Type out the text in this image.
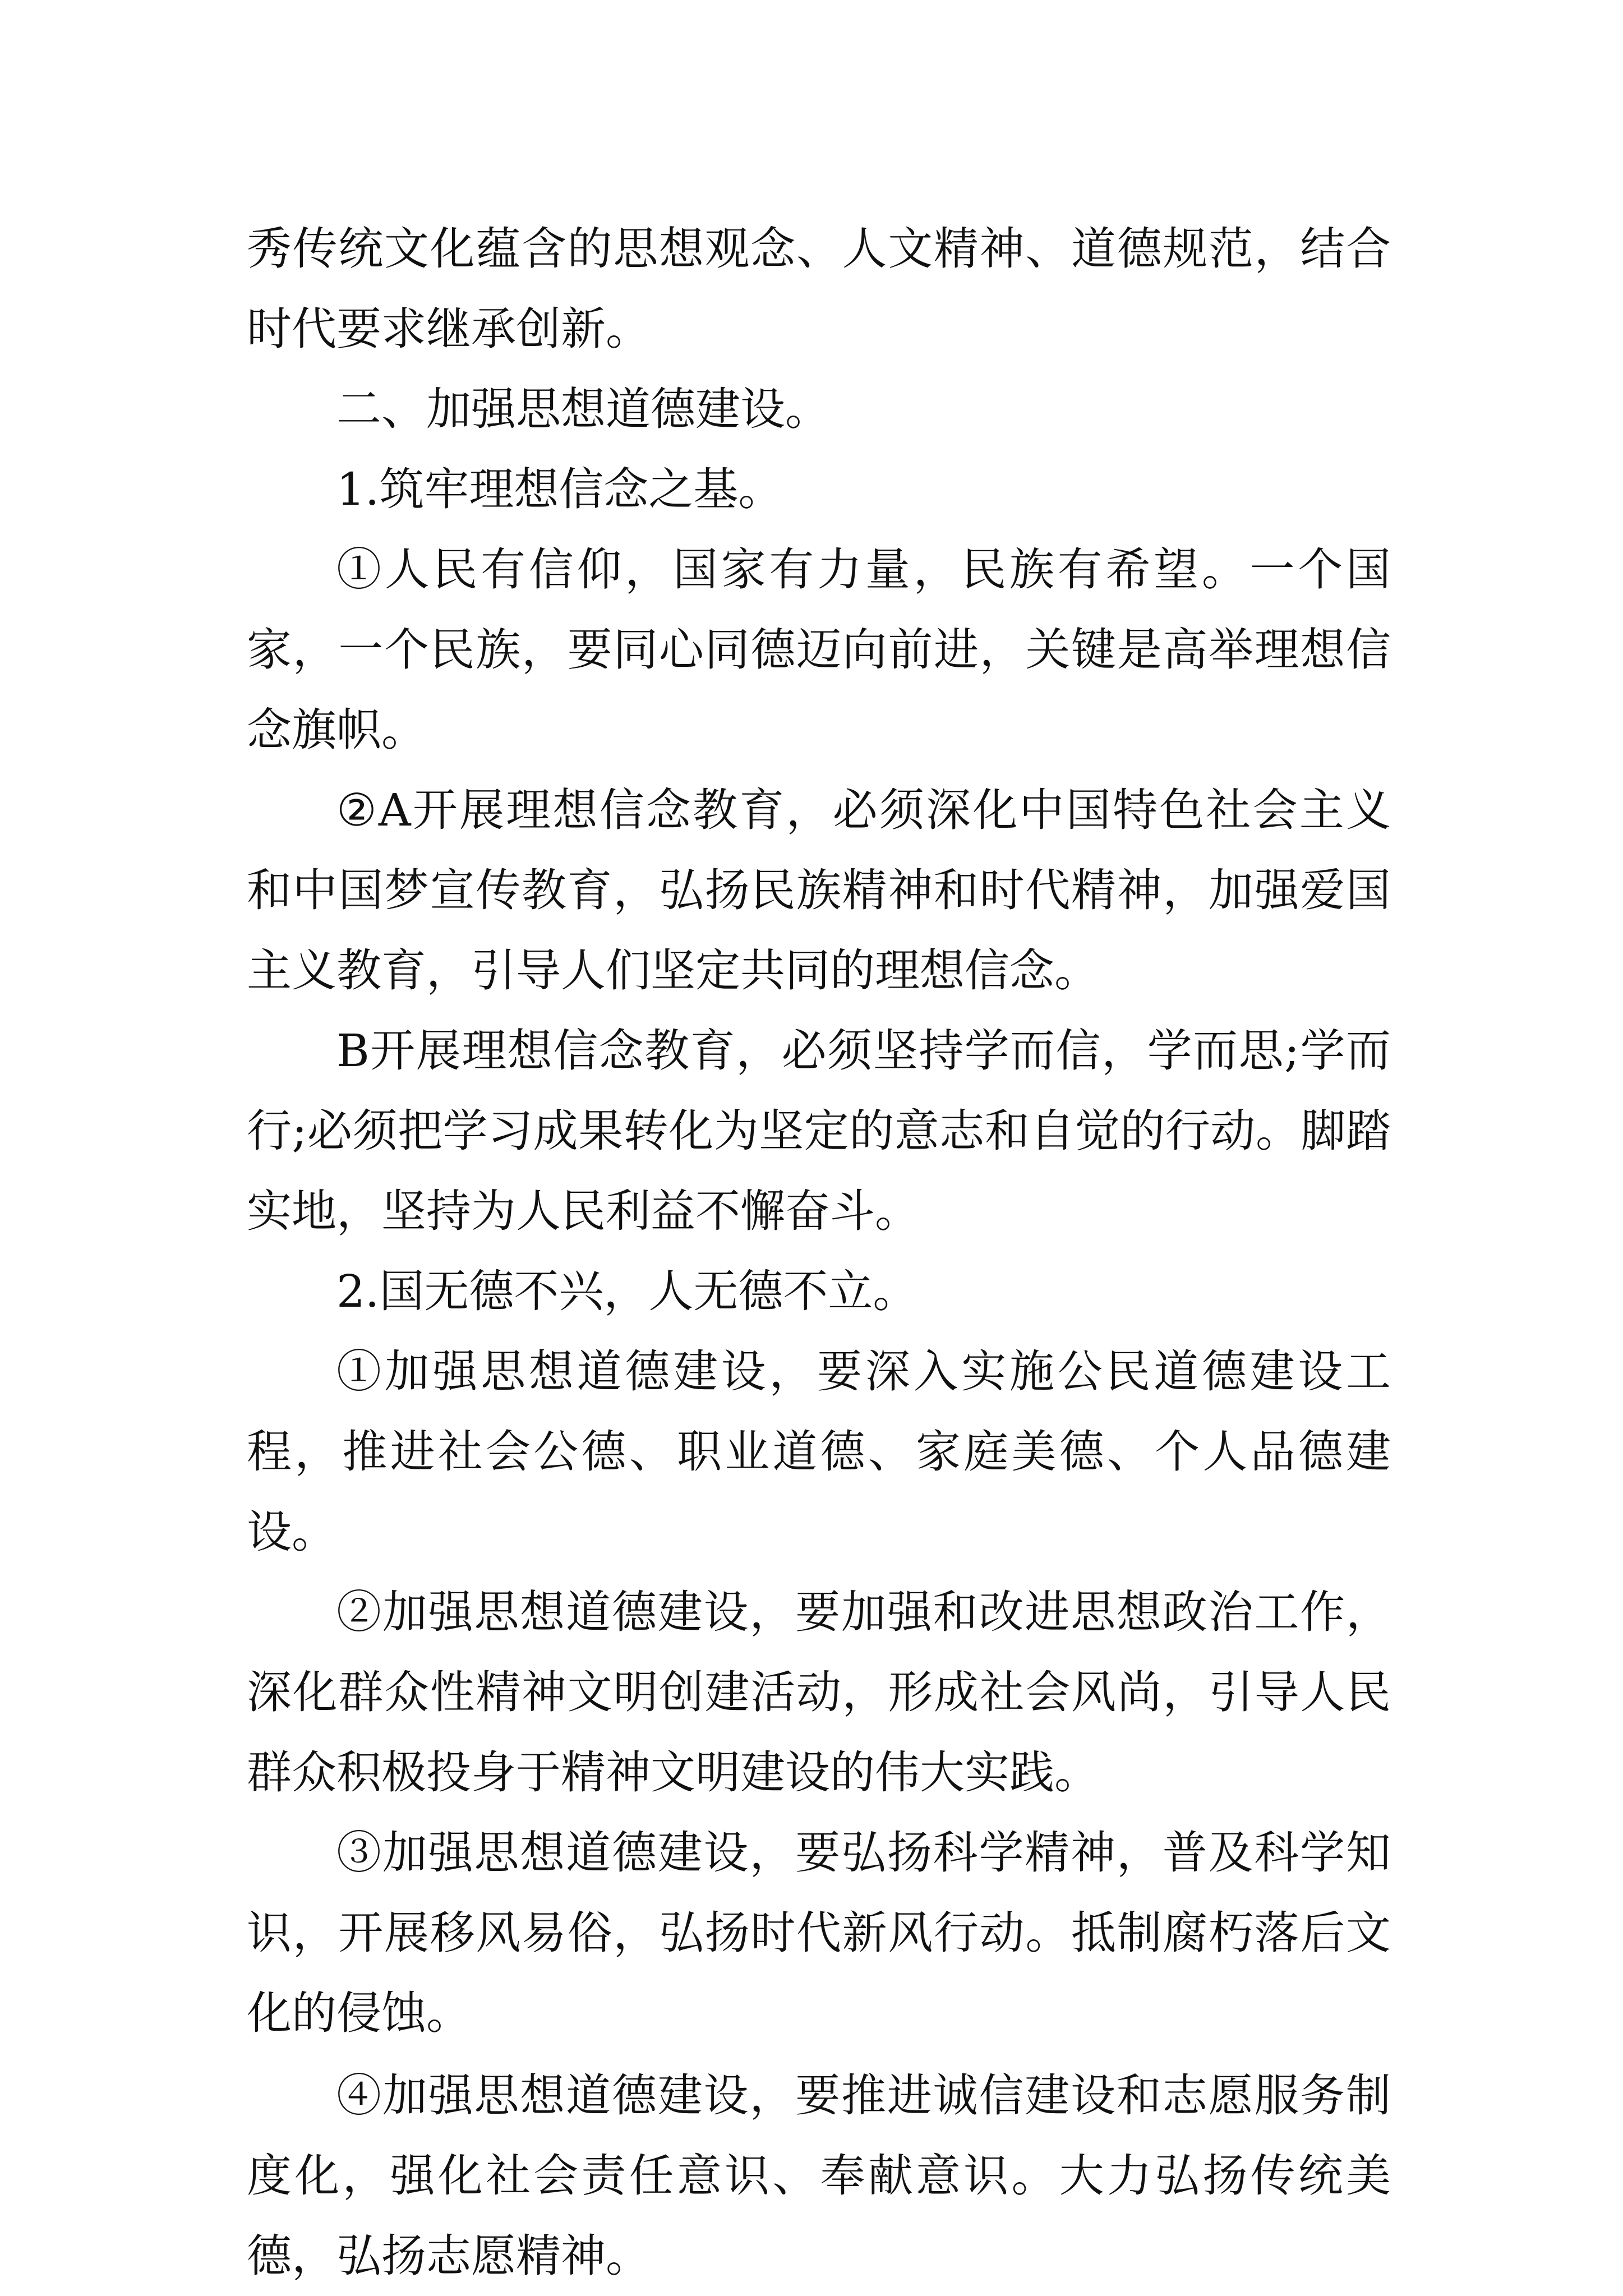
秀传统文化蕴含的思想观念、人文精神、道德规范，结合时代要求继承创新。

二、加强思想道德建设。

1.筑牢理想信念之基。

①人民有信仰，国家有力量，民族有希望。一个国家，一个民族，要同心同德迈向前进，关键是高举理想信念旗帜。

②A开展理想信念教育，必须深化中国特色社会主义和中国梦宣传教育，弘扬民族精神和时代精神，加强爱国主义教育，引导人们坚定共同的理想信念。

B开展理想信念教育，必须坚持学而信，学而思;学而行;必须把学习成果转化为坚定的意志和自觉的行动。脚踏实地，坚持为人民利益不懈奋斗。

2.国无德不兴，人无德不立。

①加强思想道德建设，要深入实施公民道德建设工程，推进社会公德、职业道德、家庭美德、个人品德建设。

②加强思想道德建设，要加强和改进思想政治工作，深化群众性精神文明创建活动，形成社会风尚，引导人民群众积极投身于精神文明建设的伟大实践。

③加强思想道德建设，要弘扬科学精神，普及科学知识，开展移风易俗，弘扬时代新风行动。抵制腐朽落后文化的侵蚀。

④加强思想道德建设，要推进诚信建设和志愿服务制度化，强化社会责任意识、奉献意识。大力弘扬传统美德，弘扬志愿精神。
